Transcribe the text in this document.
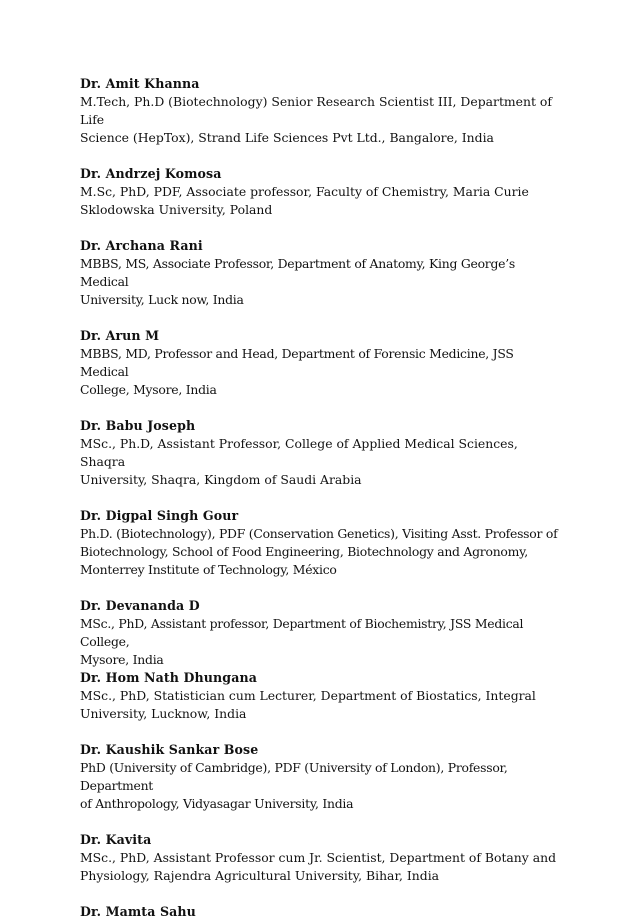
Dr. Amit Khanna

M.Tech, Ph.D (Biotechnology) Senior Research Scientist III, Department of Life

Science (HepTox), Strand Life Sciences Pvt Ltd., Bangalore, India

Dr. Andrzej Komosa

M.Sc, PhD, PDF, Associate professor, Faculty of Chemistry, Maria Curie

Sklodowska University, Poland

Dr. Archana Rani

MBBS, MS, Associate Professor, Department of Anatomy, King George’s Medical

University, Luck now, India

Dr. Arun M

MBBS, MD, Professor and Head, Department of Forensic Medicine, JSS Medical

College, Mysore, India

Dr. Babu Joseph

MSc., Ph.D, Assistant Professor, College of Applied Medical Sciences, Shaqra

University, Shaqra, Kingdom of Saudi Arabia

Dr. Digpal Singh Gour

Ph.D. (Biotechnology), PDF (Conservation Genetics), Visiting Asst. Professor of

Biotechnology, School of Food Engineering, Biotechnology and Agronomy,

Monterrey Institute of Technology, México

Dr. Devananda D

MSc., PhD, Assistant professor, Department of Biochemistry, JSS Medical College,

Mysore, India

Dr. Hom Nath Dhungana

MSc., PhD, Statistician cum Lecturer, Department of Biostatics, Integral

University, Lucknow, India

Dr. Kaushik Sankar Bose

PhD (University of Cambridge), PDF (University of London), Professor, Department

of Anthropology, Vidyasagar University, India

Dr. Kavita

MSc., PhD, Assistant Professor cum Jr. Scientist, Department of Botany and

Physiology, Rajendra Agricultural University, Bihar, India

Dr. Mamta Sahu
